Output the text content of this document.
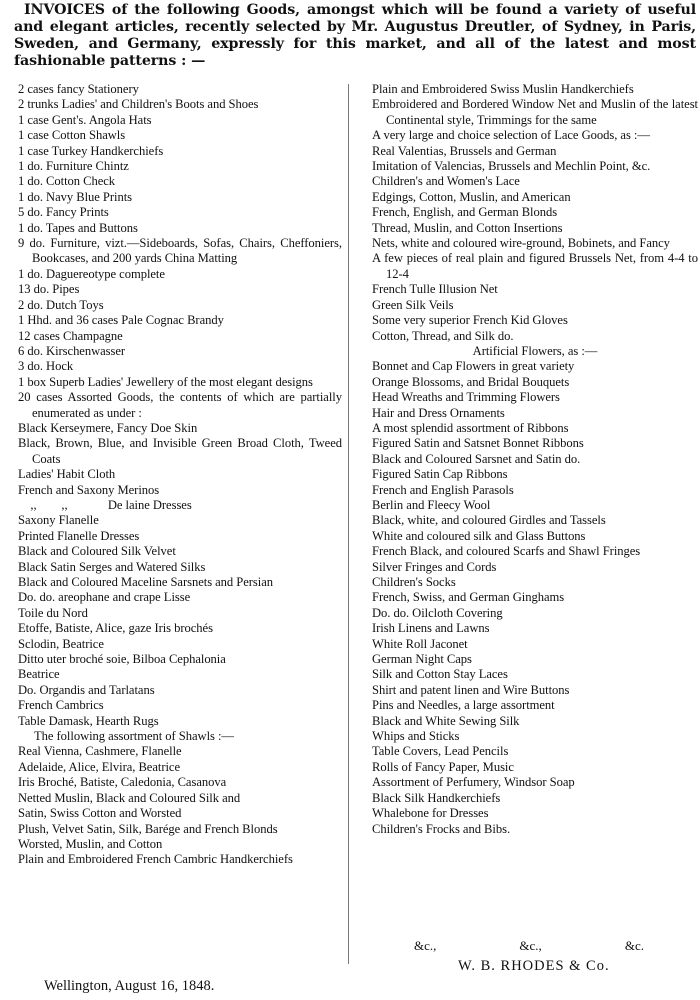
INVOICES of the following Goods, amongst which will be found a variety of useful and elegant articles, recently selected by Mr. Augustus Dreutler, of Sydney, in Paris, Sweden, and Germany, expressly for this market, and all of the latest and most fashionable patterns : —
2 cases fancy Stationery
2 trunks Ladies' and Children's Boots and Shoes
1 case Gent's. Angola Hats
1 case Cotton Shawls
1 case Turkey Handkerchiefs
1 do. Furniture Chintz
1 do. Cotton Check
1 do. Navy Blue Prints
5 do. Fancy Prints
1 do. Tapes and Buttons
9 do. Furniture, vizt.—Sideboards, Sofas, Chairs, Cheffoniers, Bookcases, and 200 yards China Matting
1 do. Daguereotype complete
13 do. Pipes
2 do. Dutch Toys
1 Hhd. and 36 cases Pale Cognac Brandy
12 cases Champagne
6 do. Kirschenwasser
3 do. Hock
1 box Superb Ladies' Jewellery of the most elegant designs
20 cases Assorted Goods, the contents of which are partially enumerated as under :
Black Kerseymere, Fancy Doe Skin
Black, Brown, Blue, and Invisible Green Broad Cloth, Tweed Coats
Ladies' Habit Cloth
French and Saxony Merinos
,,        ,,             De laine Dresses
Saxony Flanelle
Printed Flanelle Dresses
Black and Coloured Silk Velvet
Black Satin Serges and Watered Silks
Black and Coloured Maceline Sarsnets and Persian
Do. do. areophane and crape Lisse
Toile du Nord
Etoffe, Batiste, Alice, gaze Iris brochés
Sclodin, Beatrice
Ditto uter broché soie, Bilboa Cephalonia
Beatrice
Do. Organdis and Tarlatans
French Cambrics
Table Damask, Hearth Rugs
The following assortment of Shawls :—
Real Vienna, Cashmere, Flanelle
Adelaide, Alice, Elvira, Beatrice
Iris Broché, Batiste, Caledonia, Casanova
Netted Muslin, Black and Coloured Silk and
Satin, Swiss Cotton and Worsted
Plush, Velvet Satin, Silk, Barége and French Blonds
Worsted, Muslin, and Cotton
Plain and Embroidered French Cambric Handkerchiefs
Plain and Embroidered Swiss Muslin Handkerchiefs
Embroidered and Bordered Window Net and Muslin of the latest Continental style, Trimmings for the same
A very large and choice selection of Lace Goods, as :—
Real Valentias, Brussels and German
Imitation of Valencias, Brussels and Mechlin Point, &c.
Children's and Women's Lace
Edgings, Cotton, Muslin, and American
French, English, and German Blonds
Thread, Muslin, and Cotton Insertions
Nets, white and coloured wire-ground, Bobinets, and Fancy
A few pieces of real plain and figured Brussels Net, from 4-4 to 12-4
French Tulle Illusion Net
Green Silk Veils
Some very superior French Kid Gloves
Cotton, Thread, and Silk do.
Artificial Flowers, as :—
Bonnet and Cap Flowers in great variety
Orange Blossoms, and Bridal Bouquets
Head Wreaths and Trimming Flowers
Hair and Dress Ornaments
A most splendid assortment of Ribbons
Figured Satin and Satsnet Bonnet Ribbons
Black and Coloured Sarsnet and Satin do.
Figured Satin Cap Ribbons
French and English Parasols
Berlin and Fleecy Wool
Black, white, and coloured Girdles and Tassels
White and coloured silk and Glass Buttons
French Black, and coloured Scarfs and Shawl Fringes
Silver Fringes and Cords
Children's Socks
French, Swiss, and German Ginghams
Do. do. Oilcloth Covering
Irish Linens and Lawns
White Roll Jaconet
German Night Caps
Silk and Cotton Stay Laces
Shirt and patent linen and Wire Buttons
Pins and Needles, a large assortment
Black and White Sewing Silk
Whips and Sticks
Table Covers, Lead Pencils
Rolls of Fancy Paper, Music
Assortment of Perfumery, Windsor Soap
Black Silk Handkerchiefs
Whalebone for Dresses
Children's Frocks and Bibs.
&c.,	&c.,	&c.
W. B. RHODES & Co.
Wellington, August 16, 1848.
